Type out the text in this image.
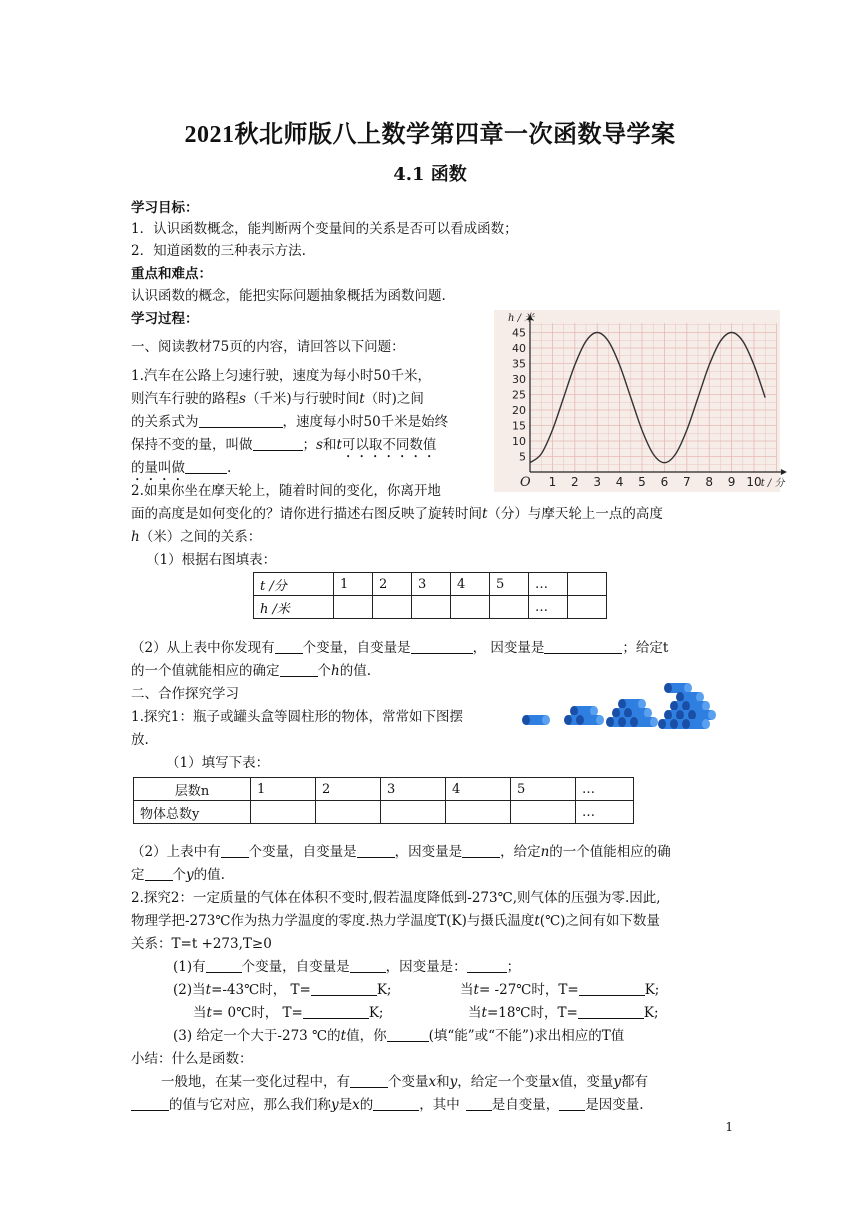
2021秋北师版八上数学第四章一次函数导学案
4.1 函数
学习目标：
1．认识函数概念，能判断两个变量间的关系是否可以看成函数；
2．知道函数的三种表示方法.
重点和难点：
认识函数的概念，能把实际问题抽象概括为函数问题.
学习过程：
一、阅读教材75页的内容，请回答以下问题：
1.汽车在公路上匀速行驶，速度为每小时50千米，
则汽车行驶的路程s（千米)与行驶时间t（时)之间
的关系式为	，速度每小时50千米是始终
保持不变的量，叫做	；s和t可以取不同数值
的量叫做	.
1 2 3 4 5 6 7 8 9 10
5
10
15
20
25
30
35
40
45
O
h / 米
t / 分
2.如果你坐在摩天轮上，随着时间的变化，你离开地
面的高度是如何变化的？请你进行描述右图反映了旋转时间t（分）与摩天轮上一点的高度
h（米）之间的关系：
（1）根据右图填表：
t /分	1	2	3	4	5	…	
h /米						…	
（2）从上表中你发现有 个变量，自变量是	， 因变量是	；给定t
的一个值就能相应的确定	个h的值.
二、合作探究学习
1.探究1：瓶子或罐头盒等圆柱形的物体，常常如下图摆
放.
（1）填写下表：
层数n	1	2	3	4	5	…
物体总数y						…
（2）上表中有 个变量，自变量是	，因变量是	，给定n的一个值能相应的确
定 个y的值.
2.探究2：一定质量的气体在体积不变时,假若温度降低到-273℃,则气体的压强为零.因此,
物理学把-273℃作为热力学温度的零度.热力学温度T(K)与摄氏温度t(℃)之间有如下数量
关系：T=t +273,T≥0
(1)有	个变量，自变量是	，因变量是：	；
(2)当t=-43℃时， T=	K;	当t= -27℃时，T=	K;
当t= 0℃时， T=	K;	当t=18℃时，T=	K;
(3) 给定一个大于-273 ℃的t值，你	(填“能”或“不能”)求出相应的T值
小结：什么是函数：
一般地，在某一变化过程中，有	个变量x和y，给定一个变量x值，变量y都有
的值与它对应，那么我们称y是x的	，其中 是自变量， 是因变量.
1
